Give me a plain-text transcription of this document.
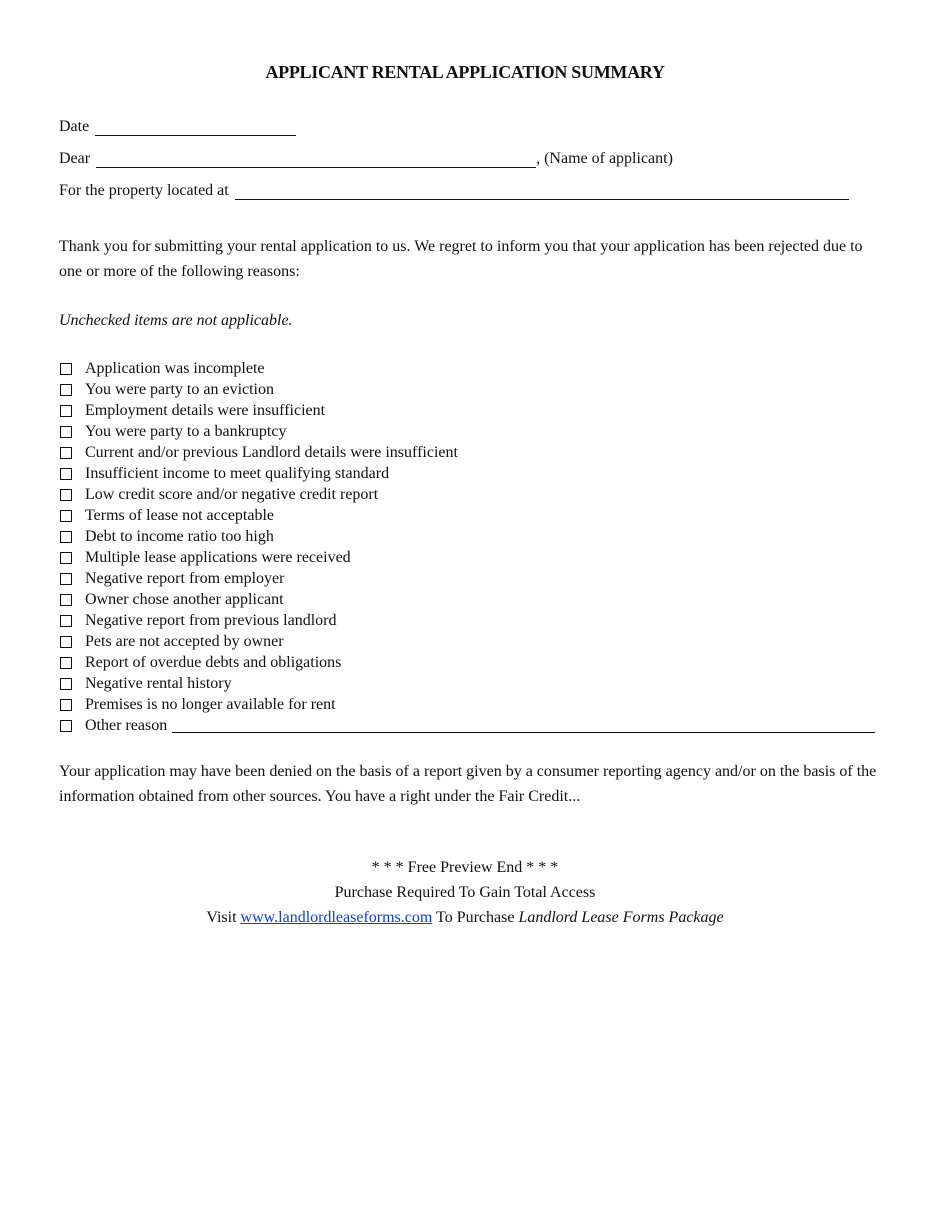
APPLICANT RENTAL APPLICATION SUMMARY
Date
Dear	, (Name of applicant)
For the property located at
Thank you for submitting your rental application to us. We regret to inform you that your application has been rejected due to one or more of the following reasons:
Unchecked items are not applicable.
Application was incomplete
You were party to an eviction
Employment details were insufficient
You were party to a bankruptcy
Current and/or previous Landlord details were insufficient
Insufficient income to meet qualifying standard
Low credit score and/or negative credit report
Terms of lease not acceptable
Debt to income ratio too high
Multiple lease applications were received
Negative report from employer
Owner chose another applicant
Negative report from previous landlord
Pets are not accepted by owner
Report of overdue debts and obligations
Negative rental history
Premises is no longer available for rent
Other reason
Your application may have been denied on the basis of a report given by a consumer reporting agency and/or on the basis of the information obtained from other sources. You have a right under the Fair Credit...
* * * Free Preview End * * *
Purchase Required To Gain Total Access
Visit www.landlordleaseforms.com To Purchase Landlord Lease Forms Package
